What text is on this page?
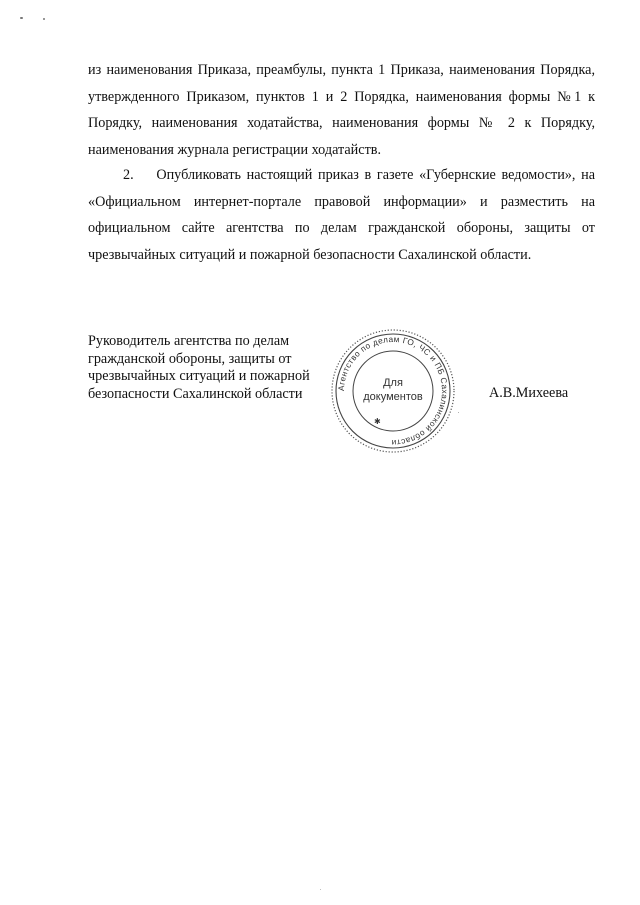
из наименования Приказа, преамбулы, пункта 1 Приказа, наименования Порядка, утвержденного Приказом, пунктов 1 и 2 Порядка, наименования формы №1 к Порядку, наименования ходатайства, наименования формы № 2 к Порядку, наименования журнала регистрации ходатайств.

2.    Опубликовать настоящий приказ в газете «Губернские ведомости», на «Официальном интернет-портале правовой информации» и разместить на официальном сайте агентства по делам гражданской обороны, защиты от чрезвычайных ситуаций и пожарной безопасности Сахалинской области.

Руководитель агентства по делам
гражданской обороны, защиты от
чрезвычайных ситуаций и пожарной
безопасности Сахалинской области	Агентство по делам ГО, ЧС и ПБ Сахалинской области
Для
документов
✱

А.В.Михеева
